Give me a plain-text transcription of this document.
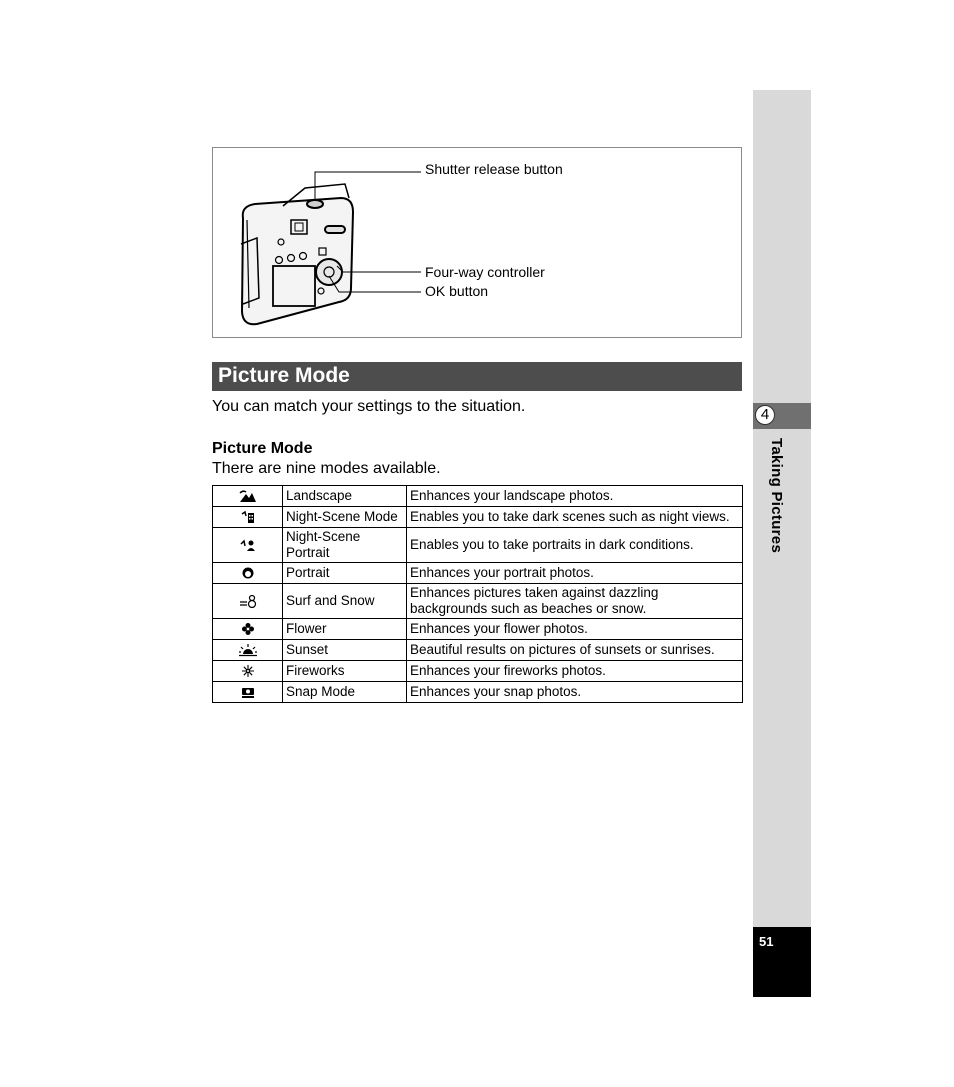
4
Taking Pictures
51
Shutter release button
Four-way controller
OK button
Picture Mode
You can match your settings to the situation.
Picture Mode
There are nine modes available.
	Landscape	Enhances your landscape photos.
	Night-Scene Mode	Enables you to take dark scenes such as night views.
	Night-Scene Portrait	Enables you to take portraits in dark conditions.
	Portrait	Enhances your portrait photos.
	Surf and Snow	Enhances pictures taken against dazzling backgrounds such as beaches or snow.
	Flower	Enhances your flower photos.
	Sunset	Beautiful results on pictures of sunsets or sunrises.
	Fireworks	Enhances your fireworks photos.
	Snap Mode	Enhances your snap photos.
